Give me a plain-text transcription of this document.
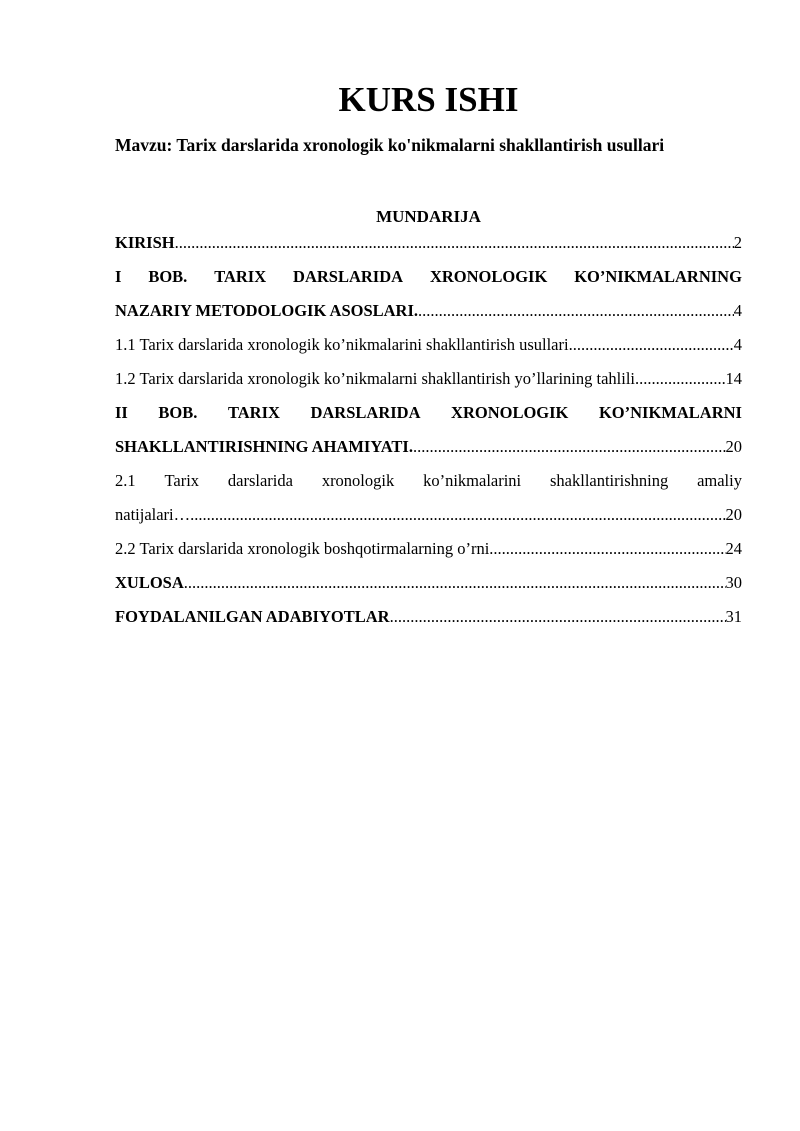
KURS ISHI
Mavzu: Tarix darslarida xronologik ko'nikmalarni shakllantirish usullari
MUNDARIJA
KIRISH .....	2
I BOB. TARIX DARSLARIDA XRONOLOGIK KO’NIKMALARNING
NAZARIY METODOLOGIK ASOSLARI. .....	4
1.1 Tarix darslarida xronologik ko’nikmalarini shakllantirish usullari .....	4
1.2 Tarix darslarida xronologik ko’nikmalarni shakllantirish yo’llarining tahlili .....	14
II BOB. TARIX DARSLARIDA XRONOLOGIK KO’NIKMALARNI
SHAKLLANTIRISHNING AHAMIYATI. .....	20
2.1 Tarix darslarida xronologik ko’nikmalarini shakllantirishning amaliy
natijalari… .....	20
2.2 Tarix darslarida xronologik boshqotirmalarning o’rni .....	24
XULOSA .....	30
FOYDALANILGAN ADABIYOTLAR .....	31
